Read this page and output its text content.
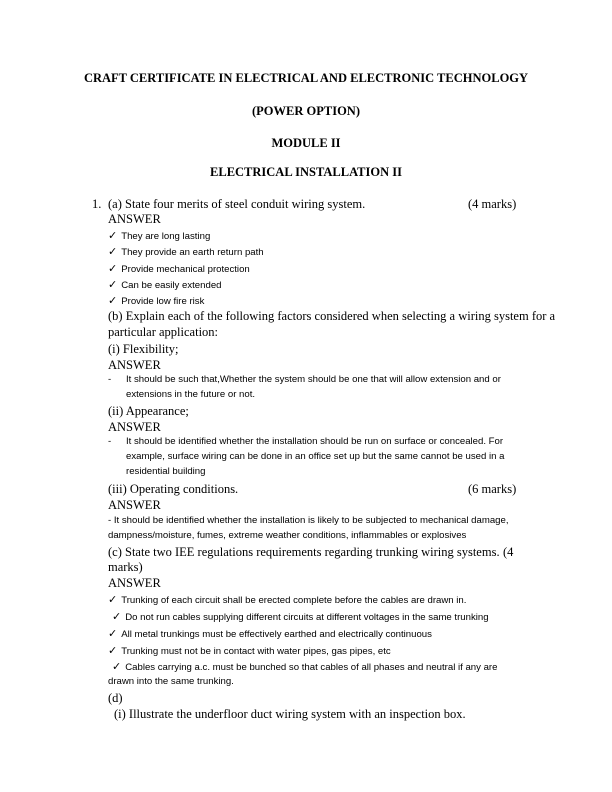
CRAFT CERTIFICATE IN ELECTRICAL AND ELECTRONIC TECHNOLOGY
(POWER OPTION)
MODULE II
ELECTRICAL INSTALLATION II
1. (a) State four merits of steel conduit wiring system.	(4 marks)
ANSWER
✓ They are long lasting
✓ They provide an earth return path
✓ Provide mechanical protection
✓ Can be easily extended
✓ Provide low fire risk
(b) Explain each of the following factors considered when selecting a wiring system for a
particular application:
(i) Flexibility;
ANSWER
- It should be such that,Whether the system should be one that will allow extension and or
extensions in the future or not.
(ii) Appearance;
ANSWER
- It should be identified whether the installation should be run on surface or concealed. For
example, surface wiring can be done in an office set up but the same cannot be used in a
residential building
(iii) Operating conditions.	(6 marks)
ANSWER
- It should be identified whether the installation is likely to be subjected to mechanical damage,
dampness/moisture, fumes, extreme weather conditions, inflammables or explosives
(c) State two IEE regulations requirements regarding trunking wiring systems. (4
marks)
ANSWER
✓ Trunking of each circuit shall be erected complete before the cables are drawn in.
✓ Do not run cables supplying different circuits at different voltages in the same trunking
✓ All metal trunkings must be effectively earthed and electrically continuous
✓ Trunking must not be in contact with water pipes, gas pipes, etc
✓ Cables carrying a.c. must be bunched so that cables of all phases and neutral if any are
drawn into the same trunking.
(d)
(i) Illustrate the underfloor duct wiring system with an inspection box.
